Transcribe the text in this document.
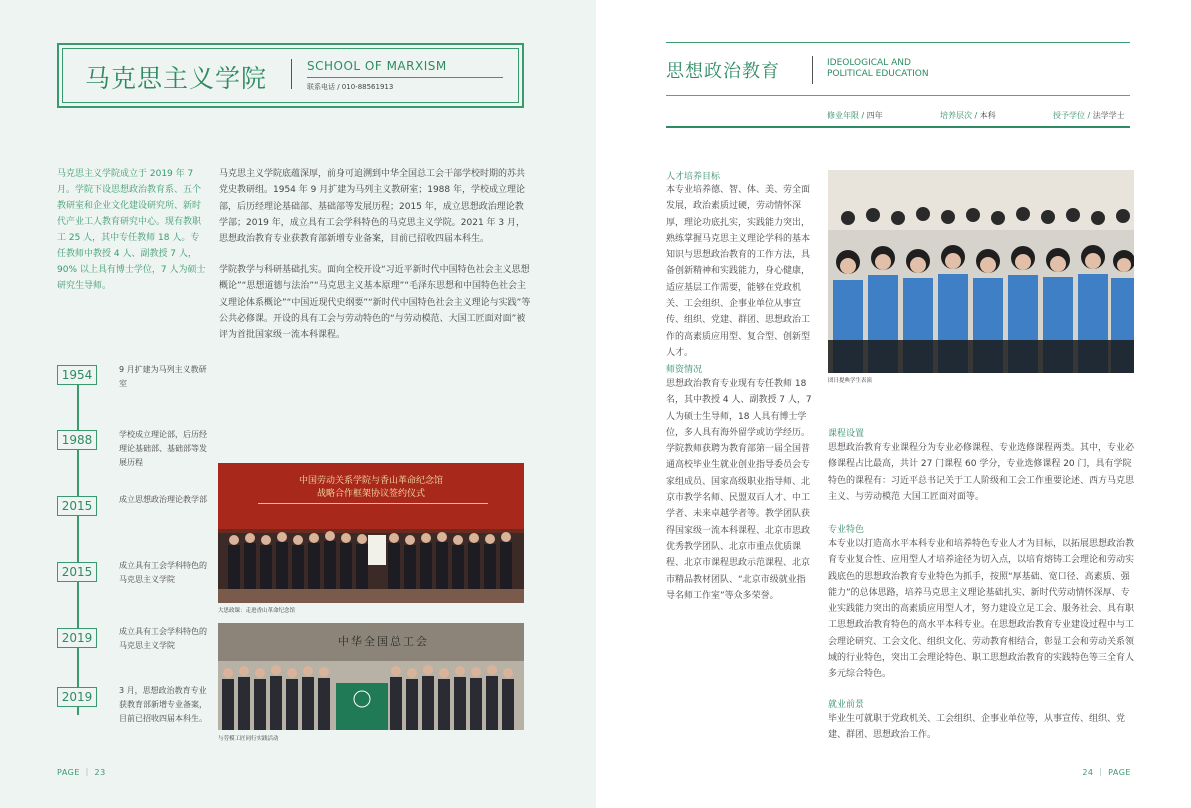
马克思主义学院	SCHOOL OF MARXISM
联系电话 / 010-88561913
马克思主义学院成立于 2019 年 7 月。学院下设思想政治教育系、五个教研室和企业文化建设研究所、新时代产业工人教育研究中心。现有教职工 25 人，其中专任教师 18 人。专任教师中教授 4 人、副教授 7 人，90% 以上具有博士学位，7 人为硕士研究生导师。
马克思主义学院底蕴深厚，前身可追溯到中华全国总工会干部学校时期的苏共党史教研组。1954 年 9 月扩建为马列主义教研室；1988 年，学校成立理论部，后历经理论基础部、基础部等发展历程；2015 年，成立思想政治理论教学部；2019 年，成立具有工会学科特色的马克思主义学院。2021 年 3 月，思想政治教育专业获教育部新增专业备案，目前已招收四届本科生。
学院教学与科研基础扎实。面向全校开设“习近平新时代中国特色社会主义思想概论”“思想道德与法治”“马克思主义基本原理”“毛泽东思想和中国特色社会主义理论体系概论”“中国近现代史纲要”“新时代中国特色社会主义理论与实践”等公共必修课。开设的具有工会与劳动特色的“与劳动模范、大国工匠面对面”被评为首批国家级一流本科课程。
1954	9 月扩建为马列主义教研室
1988	学校成立理论部，后历经理论基础部、基础部等发展历程
2015	成立思想政治理论教学部
2015	成立具有工会学科特色的马克思主义学院
2019	成立具有工会学科特色的马克思主义学院
2019	3 月，思想政治教育专业获教育部新增专业备案，目前已招收四届本科生。
中国劳动关系学院与香山革命纪念馆
战略合作框架协议签约仪式
大思政课：走进香山革命纪念馆
中华全国总工会
与劳模工匠同行实践活动
PAGE ｜ 23
思想政治教育	IDEOLOGICAL AND
POLITICAL EDUCATION
修业年限 / 四年	培养层次 / 本科	授予学位 / 法学学士
人才培养目标
本专业培养德、智、体、美、劳全面发展，政治素质过硬，劳动情怀深厚，理论功底扎实，实践能力突出，熟练掌握马克思主义理论学科的基本知识与思想政治教育的工作方法，具备创新精神和实践能力，身心健康，适应基层工作需要，能够在党政机关、工会组织、企事业单位从事宣传、组织、党建、群团、思想政治工作的高素质应用型、复合型、创新型人才。
师资情况
思想政治教育专业现有专任教师 18 名，其中教授 4 人、副教授 7 人，7 人为硕士生导师，18 人具有博士学位，多人具有海外留学或访学经历。学院教师获聘为教育部第一届全国普通高校毕业生就业创业指导委员会专家组成员、国家高级职业指导师、北京市教学名师、民盟双百人才、中工学者、未来卓越学者等。教学团队获得国家级一流本科课程、北京市思政优秀教学团队、北京市重点优质课程、北京市课程思政示范课程、北京市精品教材团队、“北京市级就业指导名师工作室”等众多荣誉。
团日提典学生表演
课程设置
思想政治教育专业课程分为专业必修课程、专业选修课程两类。其中，专业必修课程占比最高，共计 27 门课程 60 学分，专业选修课程 20 门，具有学院特色的课程有：习近平总书记关于工人阶级和工会工作重要论述、西方马克思主义、与劳动模范 大国工匠面对面等。
专业特色
本专业以打造高水平本科专业和培养特色专业人才为目标，以拓展思想政治教育专业复合性、应用型人才培养途径为切入点，以培育熔铸工会理论和劳动实践底色的思想政治教育专业特色为抓手，按照“厚基础、宽口径、高素质、强能力”的总体思路，培养马克思主义理论基础扎实、新时代劳动情怀深厚、专业实践能力突出的高素质应用型人才，努力建设立足工会、服务社会、具有职工思想政治教育特色的高水平本科专业。在思想政治教育专业建设过程中与工会理论研究、工会文化、组织文化、劳动教育相结合，彰显工会和劳动关系领域的行业特色，突出工会理论特色、职工思想政治教育的实践特色等三全育人多元综合特色。
就业前景
毕业生可就职于党政机关、工会组织、企事业单位等，从事宣传、组织、党建、群团、思想政治工作。
24 ｜ PAGE
